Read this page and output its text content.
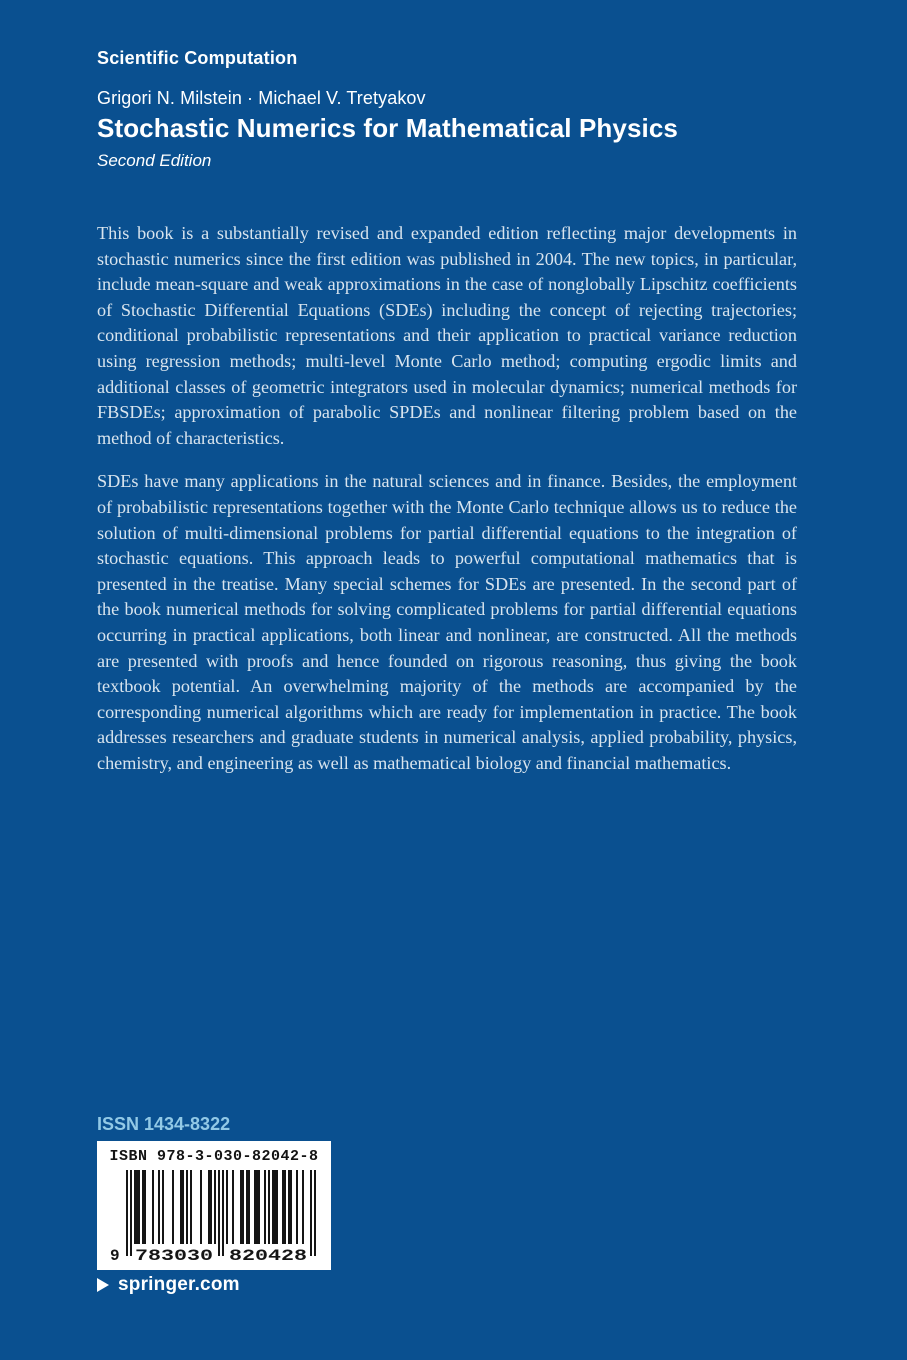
Scientific Computation
Grigori N. Milstein · Michael V. Tretyakov
Stochastic Numerics for Mathematical Physics
Second Edition

This book is a substantially revised and expanded edition reflecting major developments in stochastic numerics since the first edition was published in 2004. The new topics, in particular, include mean-square and weak approximations in the case of nonglobally Lipschitz coefficients of Stochastic Differential Equations (SDEs) including the concept of rejecting trajectories; conditional probabilistic representations and their application to practical variance reduction using regression methods; multi-level Monte Carlo method; computing ergodic limits and additional classes of geometric integrators used in molecular dynamics; numerical methods for FBSDEs; approximation of parabolic SPDEs and nonlinear filtering problem based on the method of characteristics.

SDEs have many applications in the natural sciences and in finance. Besides, the employment of probabilistic representations together with the Monte Carlo technique allows us to reduce the solution of multi-dimensional problems for partial differential equations to the integration of stochastic equations. This approach leads to powerful computational mathematics that is presented in the treatise. Many special schemes for SDEs are presented. In the second part of the book numerical methods for solving complicated problems for partial differential equations occurring in practical applications, both linear and nonlinear, are constructed. All the methods are presented with proofs and hence founded on rigorous reasoning, thus giving the book textbook potential. An overwhelming majority of the methods are accompanied by the corresponding numerical algorithms which are ready for implementation in practice. The book addresses researchers and graduate students in numerical analysis, applied probability, physics, chemistry, and engineering as well as mathematical biology and financial mathematics.

ISSN 1434-8322
ISBN 978-3-030-82042-8
9 783030 820428
springer.com
